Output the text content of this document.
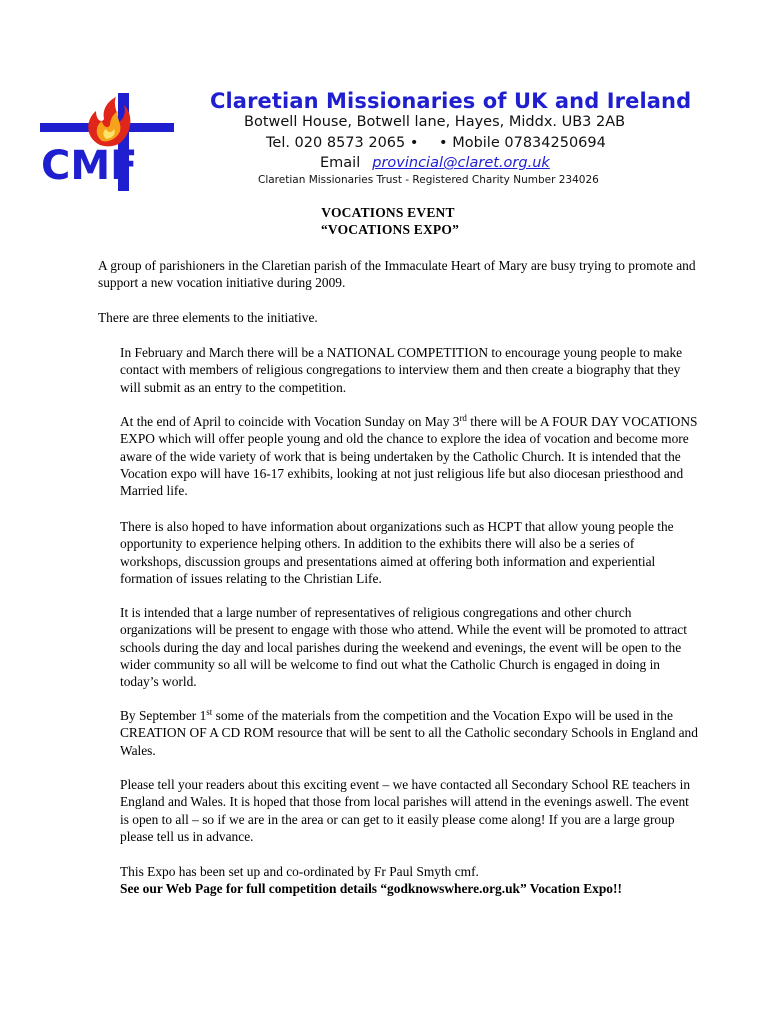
CMF
Claretian Missionaries of UK and Ireland
Botwell House, Botwell lane, Hayes, Middx. UB3 2AB
Tel. 020 8573 2065 • • Mobile 07834250694
Email provincial@claret.org.uk
Claretian Missionaries Trust - Registered Charity Number 234026
VOCATIONS EVENT
“VOCATIONS EXPO”

A group of parishioners in the Claretian parish of the Immaculate Heart of Mary are busy trying to promote and support a new vocation initiative during 2009.

There are three elements to the initiative.

In February and March there will be a NATIONAL COMPETITION to encourage young people to make contact with members of religious congregations to interview them and then create a biography that they will submit as an entry to the competition.

At the end of April to coincide with Vocation Sunday on May 3rd there will be A FOUR DAY VOCATIONS EXPO which will offer people young and old the chance to explore the idea of vocation and become more aware of the wide variety of work that is being undertaken by the Catholic Church. It is intended that the Vocation expo will have 16-17 exhibits, looking at not just religious life but also diocesan priesthood and Married life.

There is also hoped to have information about organizations such as HCPT that allow young people the opportunity to experience helping others. In addition to the exhibits there will also be a series of workshops, discussion groups and presentations aimed at offering both information and experiential formation of issues relating to the Christian Life.

It is intended that a large number of representatives of religious congregations and other church organizations will be present to engage with those who attend. While the event will be promoted to attract schools during the day and local parishes during the weekend and evenings, the event will be open to the wider community so all will be welcome to find out what the Catholic Church is engaged in doing in today’s world.

By September 1st some of the materials from the competition and the Vocation Expo will be used in the CREATION OF A CD ROM resource that will be sent to all the Catholic secondary Schools in England and Wales.

Please tell your readers about this exciting event – we have contacted all Secondary School RE teachers in England and Wales. It is hoped that those from local parishes will attend in the evenings aswell. The event is open to all – so if we are in the area or can get to it easily please come along! If you are a large group please tell us in advance.

This Expo has been set up and co-ordinated by Fr Paul Smyth cmf.

See our Web Page for full competition details “godknowswhere.org.uk” Vocation Expo!!
